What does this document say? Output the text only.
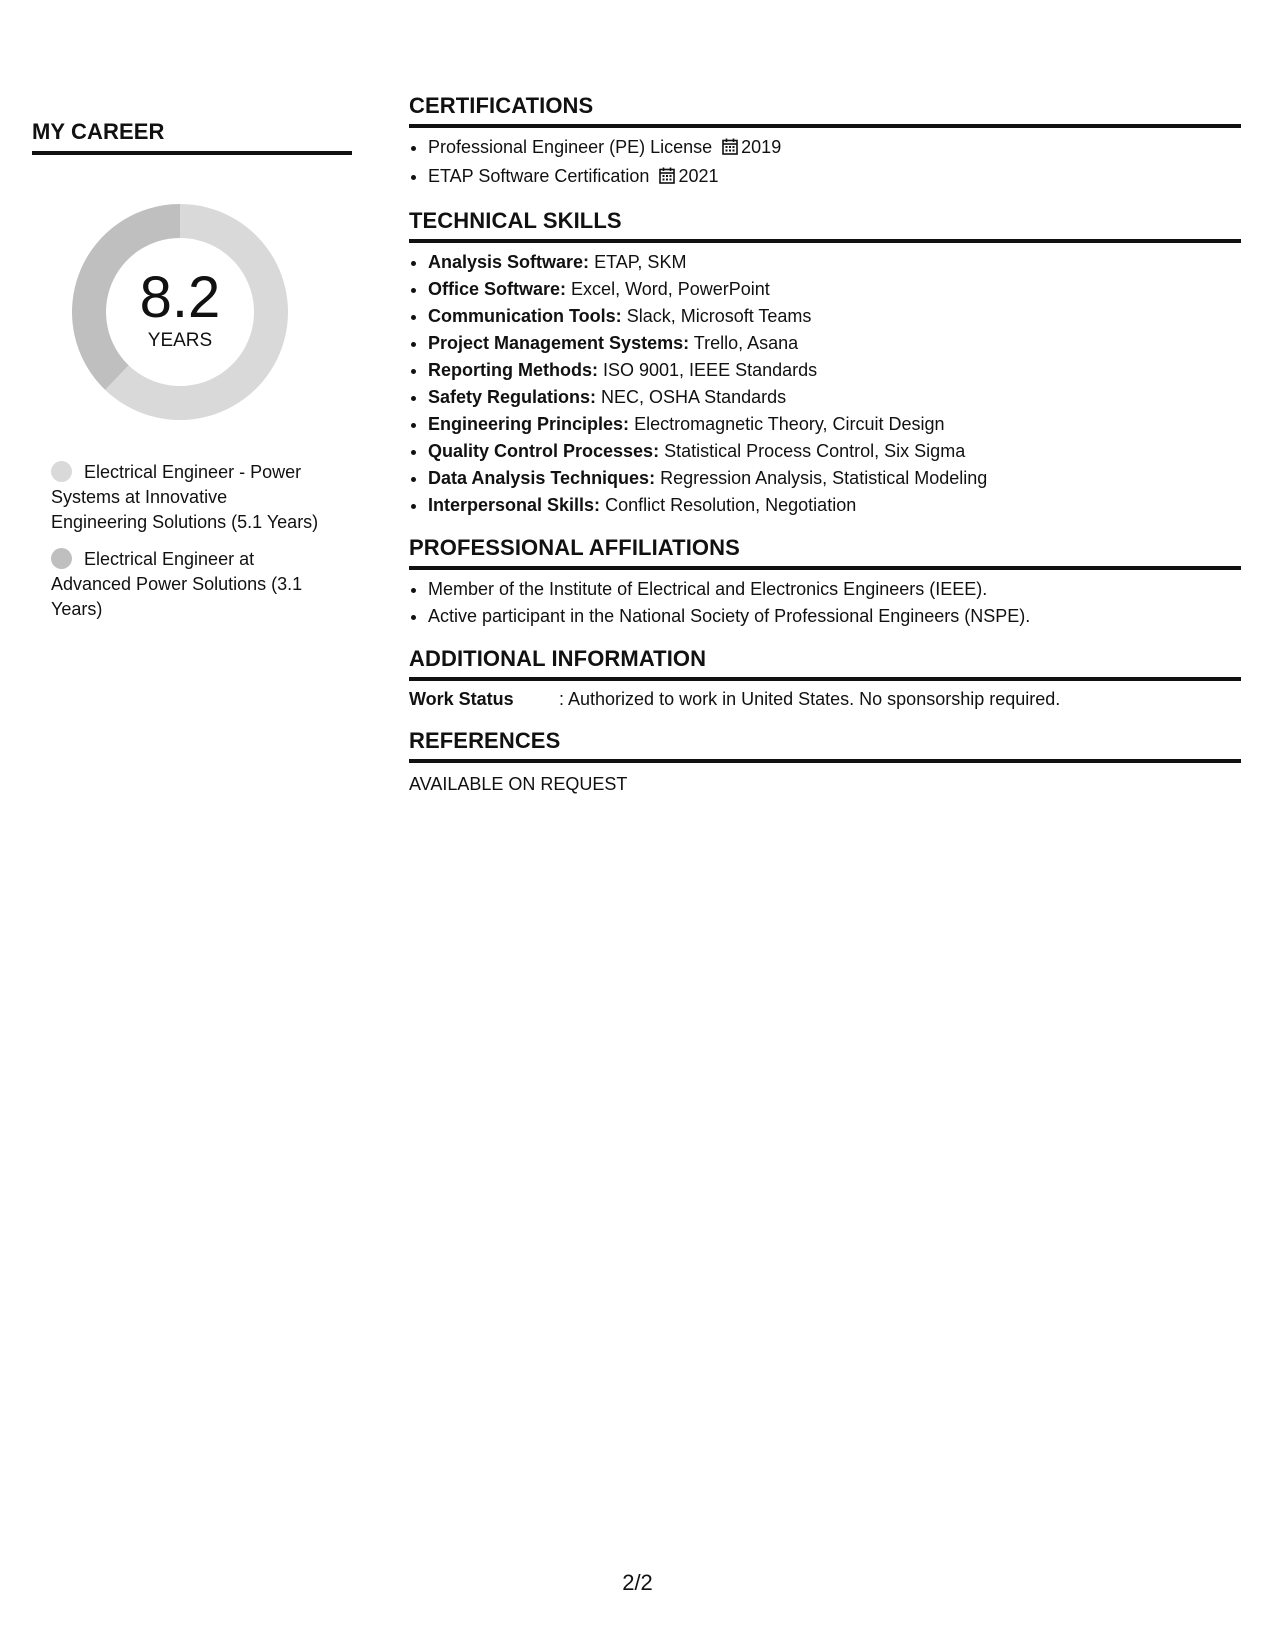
MY CAREER
8.2
YEARS
Electrical Engineer - Power Systems at Innovative Engineering Solutions (5.1 Years)
Electrical Engineer at Advanced Power Solutions (3.1 Years)
CERTIFICATIONS
• Professional Engineer (PE) License 2019
• ETAP Software Certification 2021
TECHNICAL SKILLS
• Analysis Software: ETAP, SKM
• Office Software: Excel, Word, PowerPoint
• Communication Tools: Slack, Microsoft Teams
• Project Management Systems: Trello, Asana
• Reporting Methods: ISO 9001, IEEE Standards
• Safety Regulations: NEC, OSHA Standards
• Engineering Principles: Electromagnetic Theory, Circuit Design
• Quality Control Processes: Statistical Process Control, Six Sigma
• Data Analysis Techniques: Regression Analysis, Statistical Modeling
• Interpersonal Skills: Conflict Resolution, Negotiation
PROFESSIONAL AFFILIATIONS
• Member of the Institute of Electrical and Electronics Engineers (IEEE).
• Active participant in the National Society of Professional Engineers (NSPE).
ADDITIONAL INFORMATION
Work Status	: Authorized to work in United States. No sponsorship required.
REFERENCES

AVAILABLE ON REQUEST

2/2
